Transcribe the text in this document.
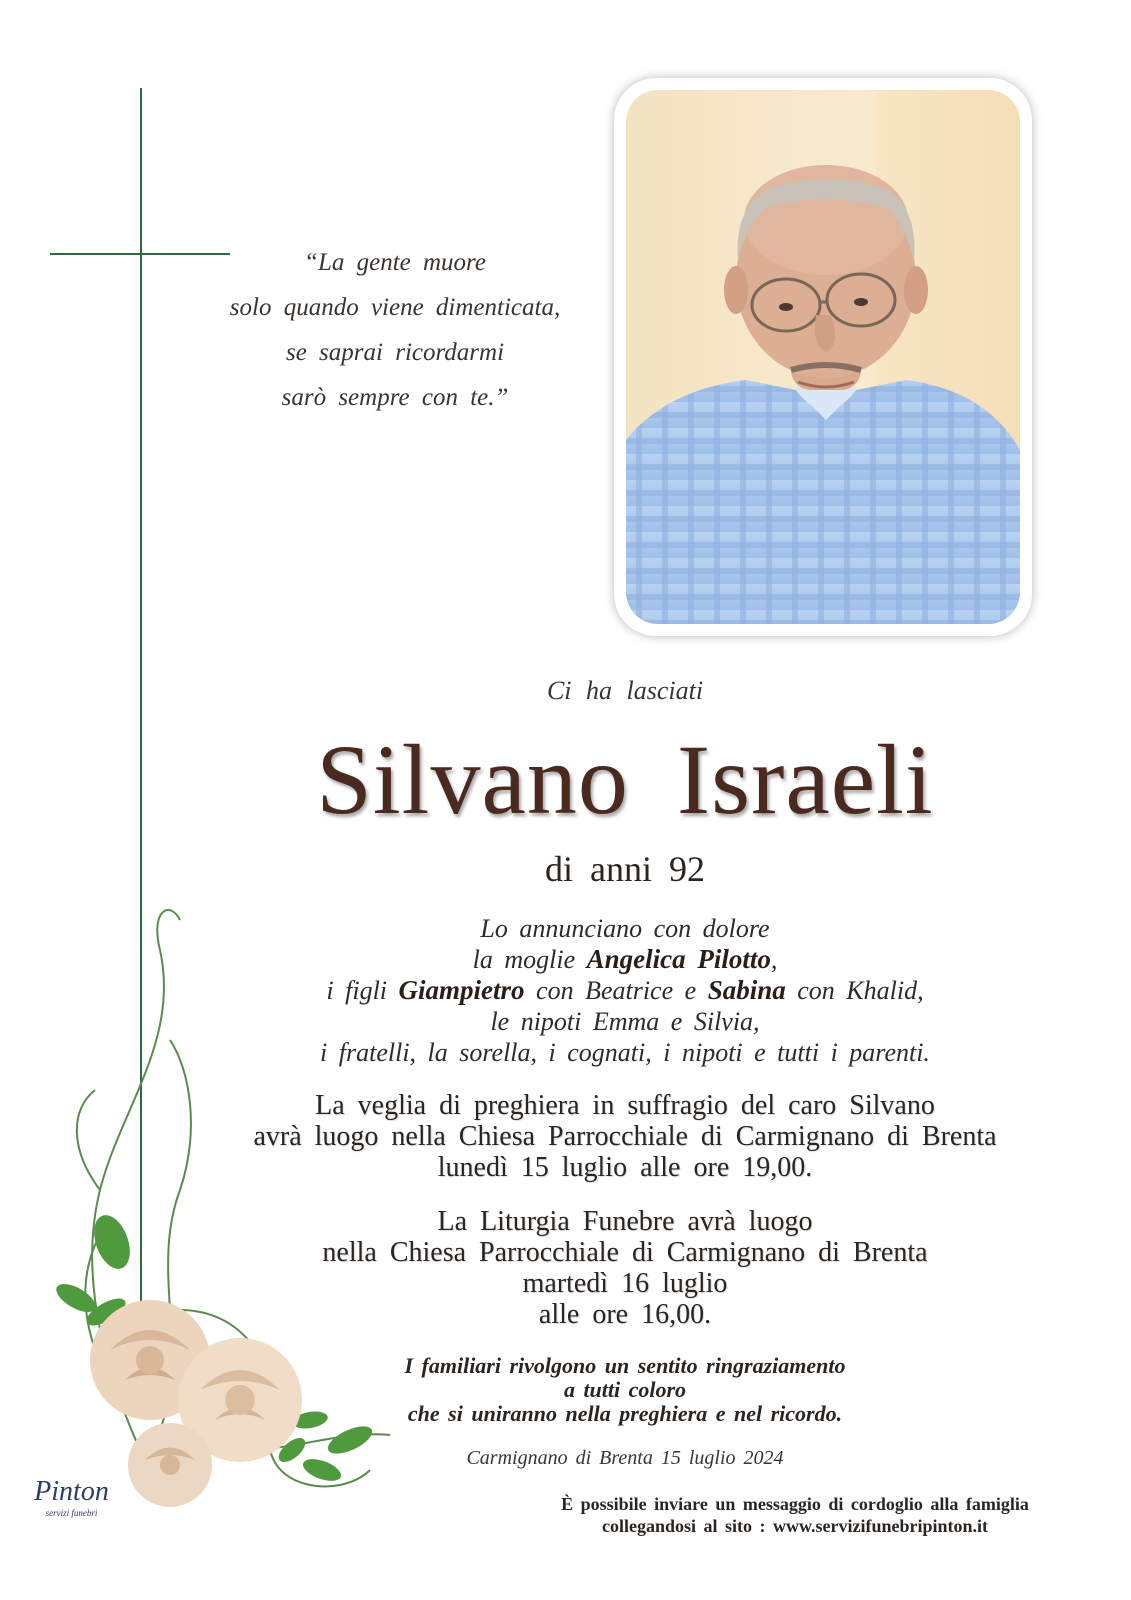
“La gente muore
solo quando viene dimenticata,
se saprai ricordarmi
sarò sempre con te.”
Ci ha lasciati
Silvano Israeli
di anni 92
Lo annunciano con dolore
la moglie Angelica Pilotto,
i figli Giampietro con Beatrice e Sabina con Khalid,
le nipoti Emma e Silvia,
i fratelli, la sorella, i cognati, i nipoti e tutti i parenti.
La veglia di preghiera in suffragio del caro Silvano
avrà luogo nella Chiesa Parrocchiale di Carmignano di Brenta
lunedì 15 luglio alle ore 19,00.
La Liturgia Funebre avrà luogo
nella Chiesa Parrocchiale di Carmignano di Brenta
martedì 16 luglio
alle ore 16,00.
I familiari rivolgono un sentito ringraziamento
a tutti coloro
che si uniranno nella preghiera e nel ricordo.
Carmignano di Brenta 15 luglio 2024
È possibile inviare un messaggio di cordoglio alla famiglia
collegandosi al sito : www.servizifunebripinton.it
Pinton
servizi funebri
